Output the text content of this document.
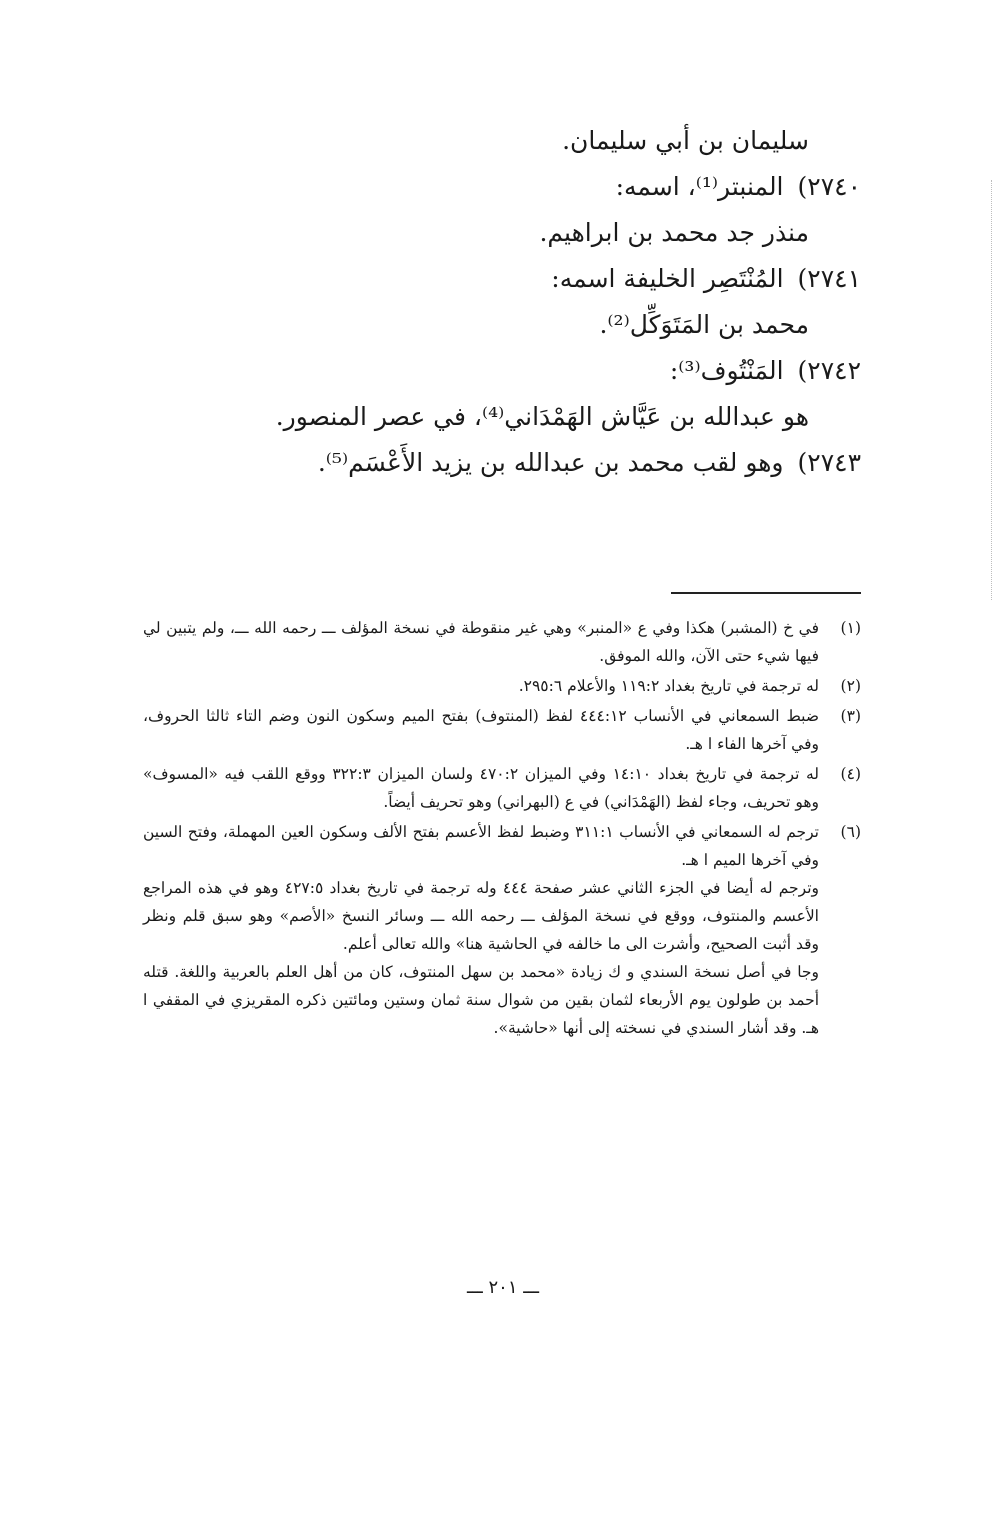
سليمان بن أبي سليمان.
٢٧٤٠)المنبتر⁽¹⁾، اسمه:
منذر جد محمد بن ابراهيم.
٢٧٤١)المُنْتَصِر الخليفة اسمه:
محمد بن المَتَوَكِّل⁽²⁾.
٢٧٤٢)المَنْتُوف⁽³⁾:
هو عبدالله بن عَيَّاش الهَمْدَاني⁽⁴⁾، في عصر المنصور.
٢٧٤٣)وهو لقب محمد بن عبدالله بن يزيد الأَعْسَم⁽⁵⁾.
(١)

في خ (المشبر) هكذا وفي ع «المنبر» وهي غير منقوطة في نسخة المؤلف ـــ رحمه الله ـــ، ولم يتبين لي فيها شيء حتى الآن، والله الموفق.

(٢)

له ترجمة في تاريخ بغداد ١١٩:٢ والأعلام ٢٩٥:٦.

(٣)

ضبط السمعاني في الأنساب ٤٤٤:١٢ لفظ (المنتوف) بفتح الميم وسكون النون وضم التاء ثالثا الحروف، وفي آخرها الفاء ا هـ.

(٤)

له ترجمة في تاريخ بغداد ١٤:١٠ وفي الميزان ٤٧٠:٢ ولسان الميزان ٣٢٢:٣ ووقع اللقب فيه «المسوف» وهو تحريف، وجاء لفظ (الهَمْدَاني) في ع (البهراني) وهو تحريف أيضاً.

(٦)

ترجم له السمعاني في الأنساب ٣١١:١ وضبط لفظ الأعسم بفتح الألف وسكون العين المهملة، وفتح السين وفي آخرها الميم ا هـ.

وترجم له أيضا في الجزء الثاني عشر صفحة ٤٤٤ وله ترجمة في تاريخ بغداد ٤٢٧:٥ وهو في هذه المراجع الأعسم والمنتوف، ووقع في نسخة المؤلف ـــ رحمه الله ـــ وسائر النسخ «الأصم» وهو سبق قلم ونظر وقد أثبت الصحيح، وأشرت الى ما خالفه في الحاشية هنا» والله تعالى أعلم.

وجا في أصل نسخة السندي و ك زيادة «محمد بن سهل المنتوف، كان من أهل العلم بالعربية واللغة. قتله أحمد بن طولون يوم الأربعاء لثمان بقين من شوال سنة ثمان وستين ومائتين ذكره المقريزي في المقفي ا هـ. وقد أشار السندي في نسخته إلى أنها «حاشية».

ـــ ٢٠١ ـــ
